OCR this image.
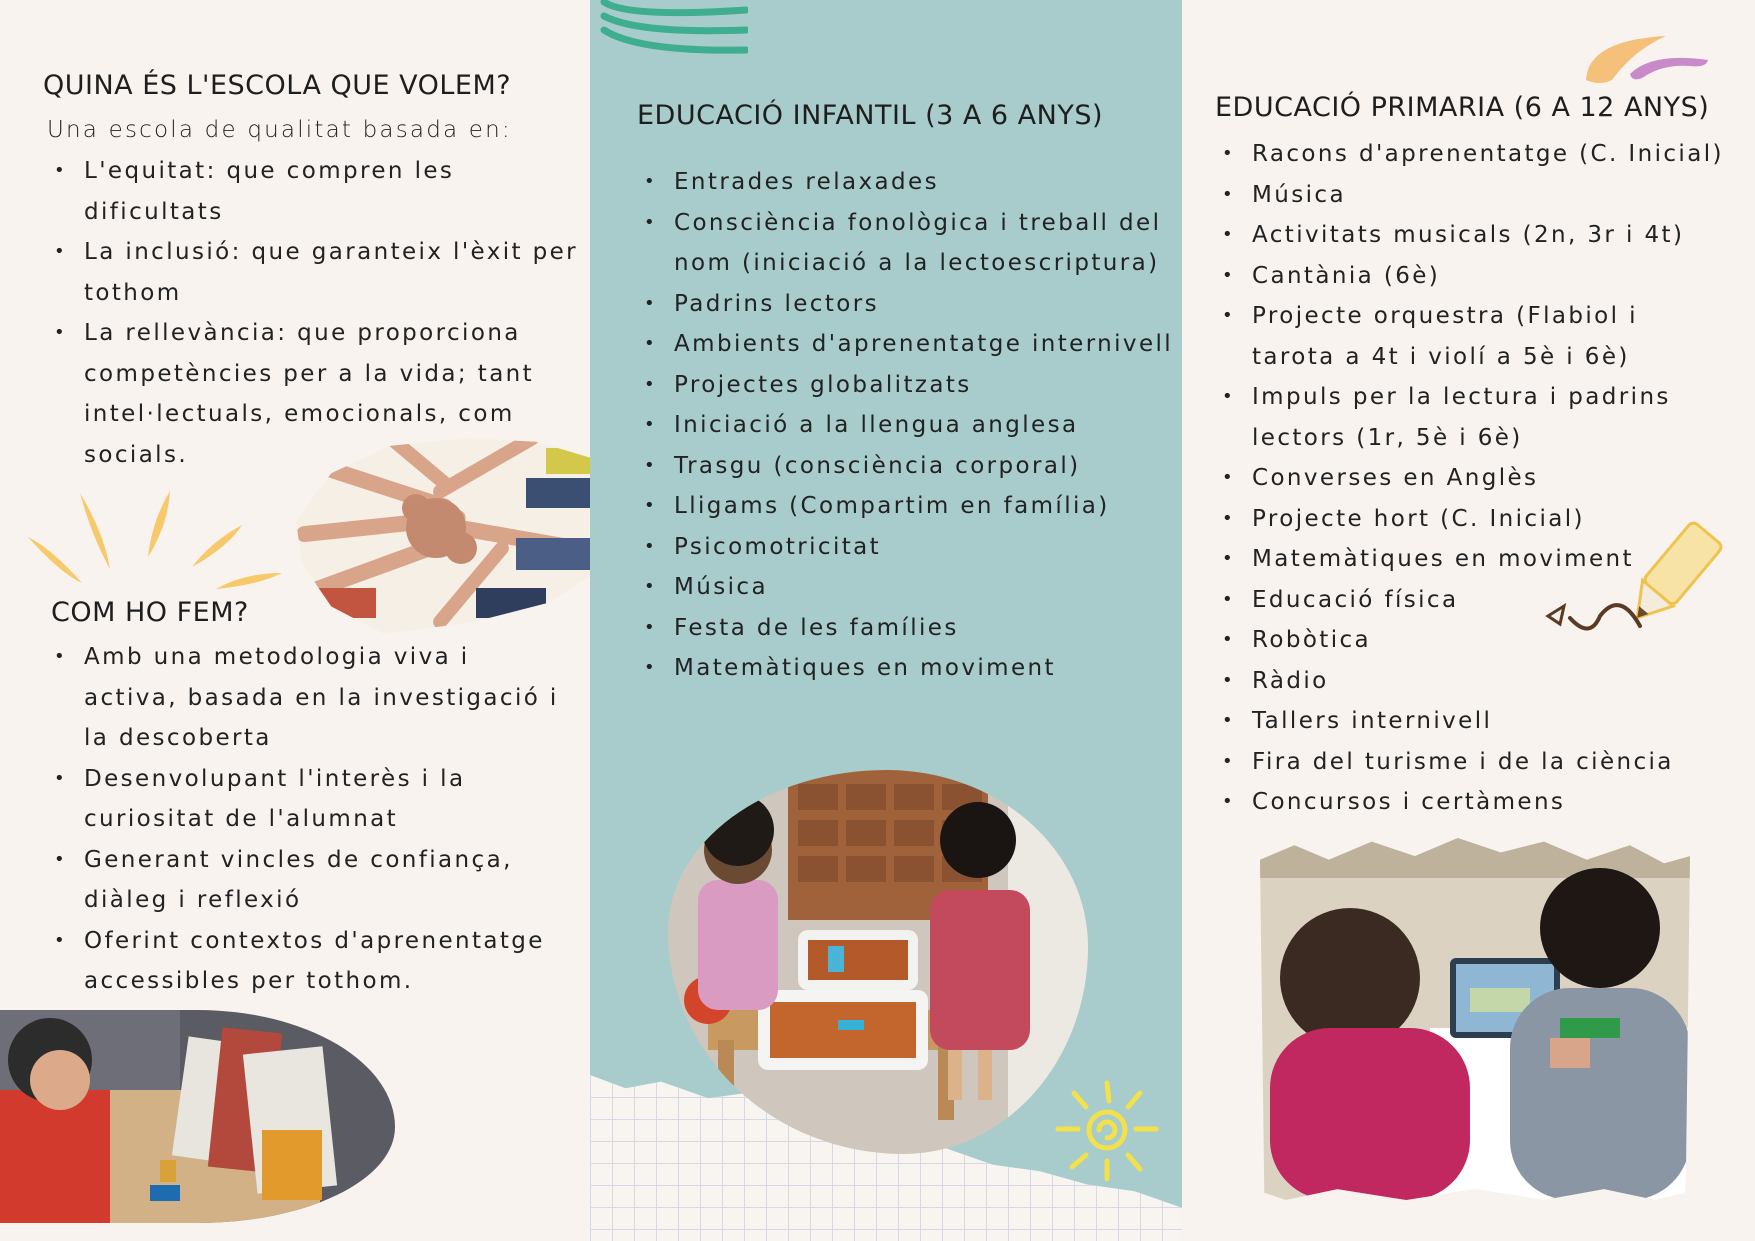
QUINA ÉS L'ESCOLA QUE VOLEM?

Una escola de qualitat basada en:

• L'equitat: que compren les
dificultats
• La inclusió: que garanteix l'èxit per
tothom
• La rellevància: que proporciona
competències per a la vida; tant
intel·lectuals, emocionals, com
socials.
COM HO FEM?
• Amb una metodologia viva i
activa, basada en la investigació i
la descoberta
• Desenvolupant l'interès i la
curiositat de l'alumnat
• Generant vincles de confiança,
diàleg i reflexió
• Oferint contextos d'aprenentatge
accessibles per tothom.
EDUCACIÓ INFANTIL (3 A 6 ANYS)
• Entrades relaxades
• Consciència fonològica i treball del
nom (iniciació a la lectoescriptura)
• Padrins lectors
• Ambients d'aprenentatge internivell
• Projectes globalitzats
• Iniciació a la llengua anglesa
• Trasgu (consciència corporal)
• Lligams (Compartim en família)
• Psicomotricitat
• Música
• Festa de les famílies
• Matemàtiques en moviment
EDUCACIÓ PRIMARIA (6 A 12 ANYS)
• Racons d'aprenentatge (C. Inicial)
• Música
• Activitats musicals (2n, 3r i 4t)
• Cantània (6è)
• Projecte orquestra (Flabiol i
tarota a 4t i violí a 5è i 6è)
• Impuls per la lectura i padrins
lectors (1r, 5è i 6è)
• Converses en Anglès
• Projecte hort (C. Inicial)
• Matemàtiques en moviment
• Educació física
• Robòtica
• Ràdio
• Tallers internivell
• Fira del turisme i de la ciència
• Concursos i certàmens
